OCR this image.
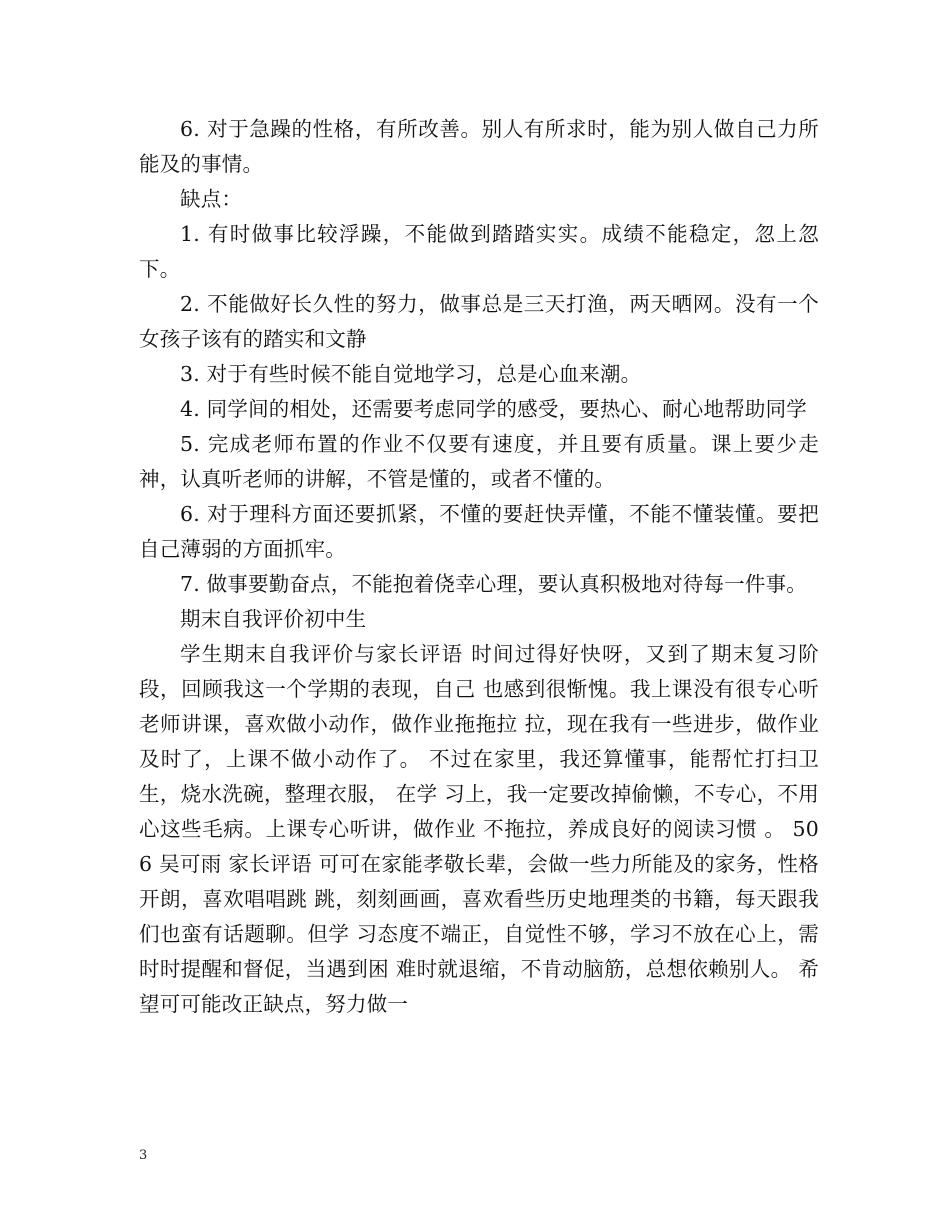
6. 对于急躁的性格，有所改善。别人有所求时，能为别人做自己力所能及的事情。

缺点：

1. 有时做事比较浮躁，不能做到踏踏实实。成绩不能稳定，忽上忽下。

2. 不能做好长久性的努力，做事总是三天打渔，两天晒网。没有一个女孩子该有的踏实和文静

3. 对于有些时候不能自觉地学习，总是心血来潮。

4. 同学间的相处，还需要考虑同学的感受，要热心、耐心地帮助同学

5. 完成老师布置的作业不仅要有速度，并且要有质量。课上要少走神，认真听老师的讲解，不管是懂的，或者不懂的。

6. 对于理科方面还要抓紧，不懂的要赶快弄懂，不能不懂装懂。要把自己薄弱的方面抓牢。

7. 做事要勤奋点，不能抱着侥幸心理，要认真积极地对待每一件事。

期末自我评价初中生

学生期末自我评价与家长评语 时间过得好快呀，又到了期末复习阶段，回顾我这一个学期的表现，自己 也感到很惭愧。我上课没有很专心听老师讲课，喜欢做小动作，做作业拖拖拉 拉，现在我有一些进步，做作业及时了，上课不做小动作了。 不过在家里，我还算懂事，能帮忙打扫卫生，烧水洗碗，整理衣服， 在学 习上，我一定要改掉偷懒，不专心，不用心这些毛病。上课专心听讲，做作业 不拖拉，养成良好的阅读习惯 。 506 吴可雨 家长评语 可可在家能孝敬长辈，会做一些力所能及的家务，性格开朗，喜欢唱唱跳 跳，刻刻画画，喜欢看些历史地理类的书籍，每天跟我们也蛮有话题聊。但学 习态度不端正，自觉性不够，学习不放在心上，需时时提醒和督促，当遇到困 难时就退缩，不肯动脑筋，总想依赖别人。 希望可可能改正缺点，努力做一

3
